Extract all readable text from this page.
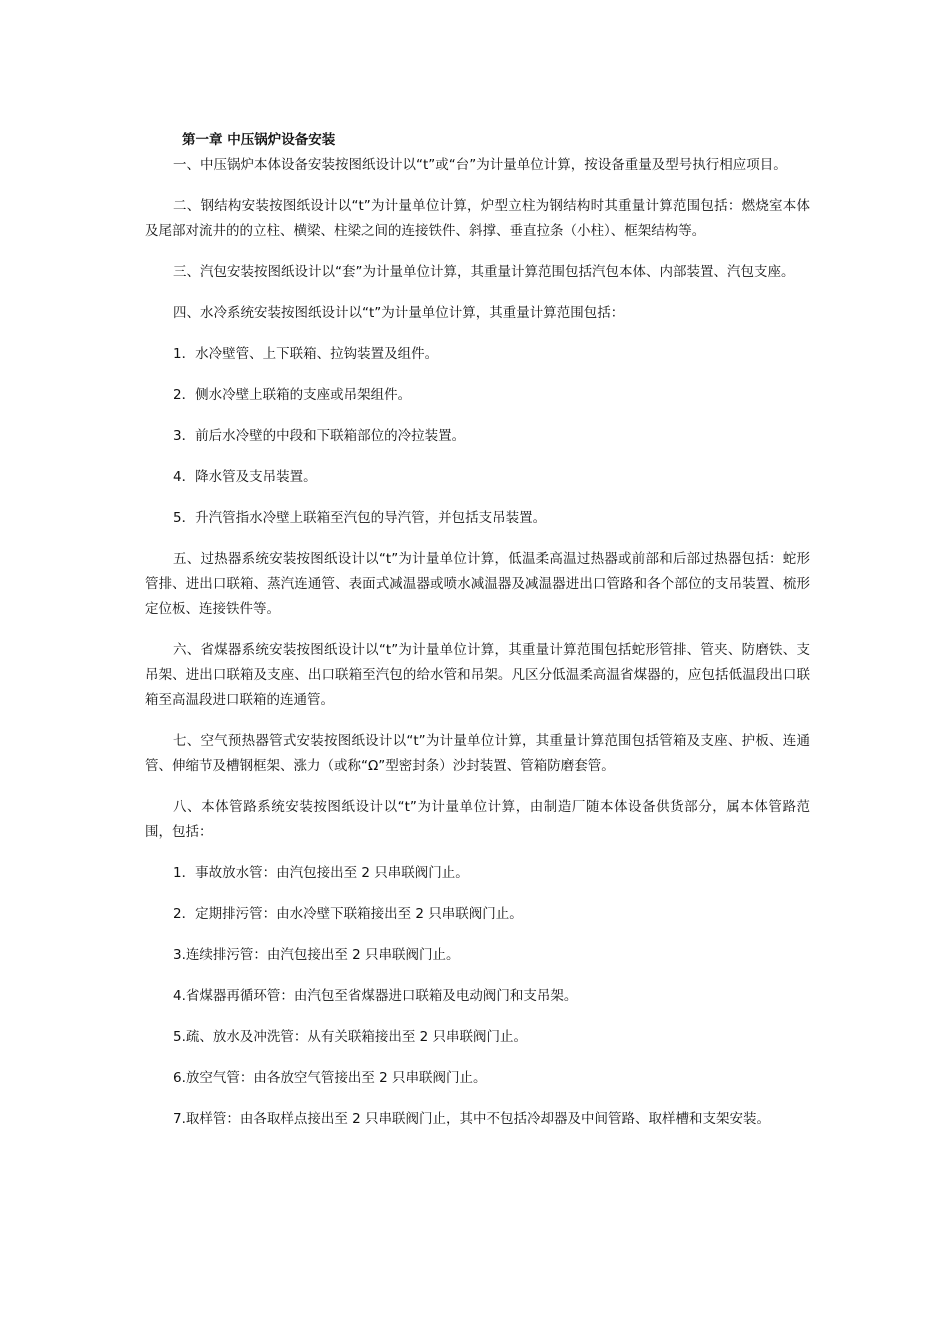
第一章 中压锅炉设备安装

一、中压锅炉本体设备安装按图纸设计以“t”或“台”为计量单位计算，按设备重量及型号执行相应项目。

二、钢结构安装按图纸设计以“t”为计量单位计算，炉型立柱为钢结构时其重量计算范围包括：燃烧室本体及尾部对流井的的立柱、横梁、柱梁之间的连接铁件、斜撑、垂直拉条（小柱）、框架结构等。

三、汽包安装按图纸设计以“套”为计量单位计算，其重量计算范围包括汽包本体、内部装置、汽包支座。

四、水冷系统安装按图纸设计以“t”为计量单位计算，其重量计算范围包括：

1．水冷壁管、上下联箱、拉钩装置及组件。

2．侧水冷壁上联箱的支座或吊架组件。

3．前后水冷壁的中段和下联箱部位的冷拉装置。

4．降水管及支吊装置。

5．升汽管指水冷壁上联箱至汽包的导汽管，并包括支吊装置。

五、过热器系统安装按图纸设计以“t”为计量单位计算，低温柔高温过热器或前部和后部过热器包括：蛇形管排、进出口联箱、蒸汽连通管、表面式减温器或喷水减温器及减温器进出口管路和各个部位的支吊装置、梳形定位板、连接铁件等。

六、省煤器系统安装按图纸设计以“t”为计量单位计算，其重量计算范围包括蛇形管排、管夹、防磨铁、支吊架、进出口联箱及支座、出口联箱至汽包的给水管和吊架。凡区分低温柔高温省煤器的，应包括低温段出口联箱至高温段进口联箱的连通管。

七、空气预热器管式安装按图纸设计以“t”为计量单位计算，其重量计算范围包括管箱及支座、护板、连通管、伸缩节及槽钢框架、涨力（或称“Ω”型密封条）沙封装置、管箱防磨套管。

八、本体管路系统安装按图纸设计以“t”为计量单位计算，由制造厂随本体设备供货部分，属本体管路范围，包括：

1．事故放水管：由汽包接出至 2 只串联阀门止。

2．定期排污管：由水冷壁下联箱接出至 2 只串联阀门止。

3.连续排污管：由汽包接出至 2 只串联阀门止。

4.省煤器再循环管：由汽包至省煤器进口联箱及电动阀门和支吊架。

5.疏、放水及冲洗管：从有关联箱接出至 2 只串联阀门止。

6.放空气管：由各放空气管接出至 2 只串联阀门止。

7.取样管：由各取样点接出至 2 只串联阀门止，其中不包括冷却器及中间管路、取样槽和支架安装。
